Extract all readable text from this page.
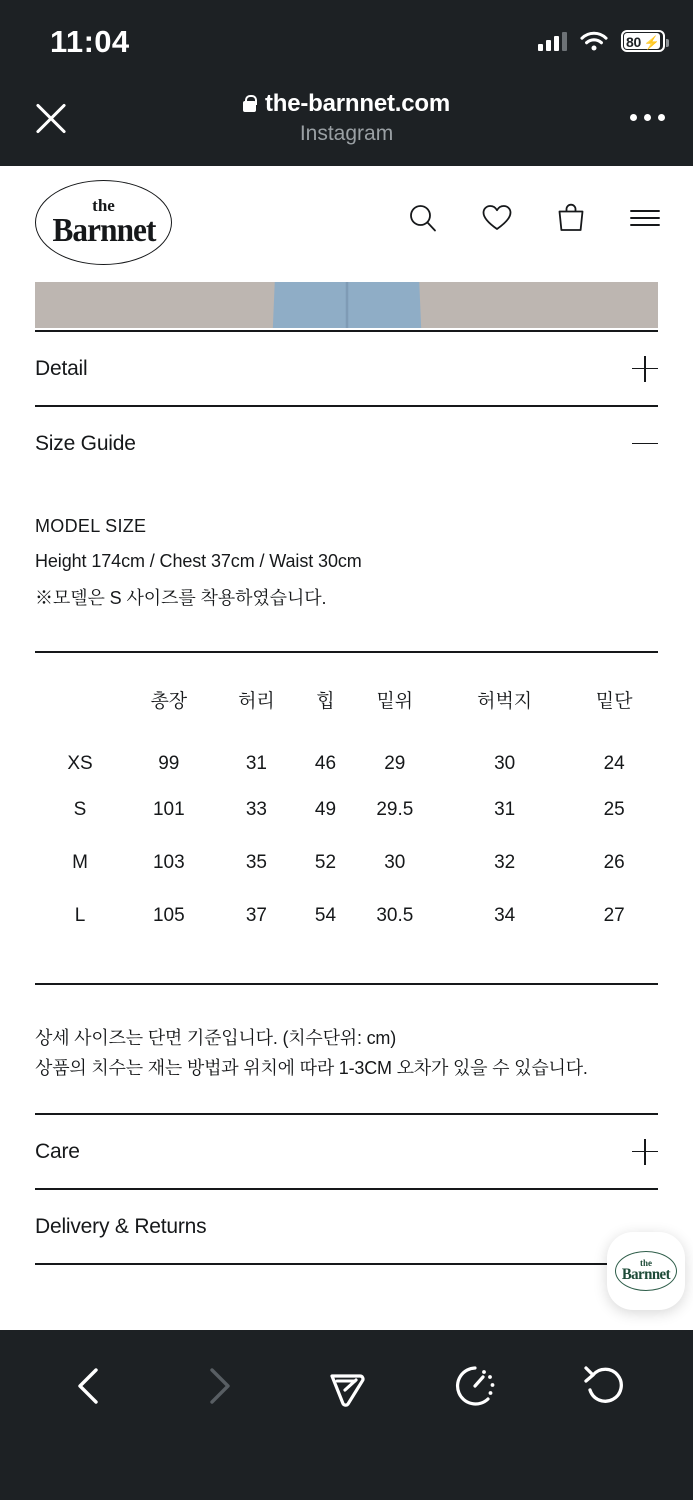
11:04	80 ⚡
the-barnnet.com
Instagram
the
Barnnet
Detail
Size Guide
MODEL SIZE
Height 174cm / Chest 37cm / Waist 30cm
※모델은 S 사이즈를 착용하였습니다.
	총장	허리	힙	밑위	허벅지	밑단
XS	99	31	46	29	30	24
S	101	33	49	29.5	31	25
M	103	35	52	30	32	26
L	105	37	54	30.5	34	27
상세 사이즈는 단면 기준입니다. (치수단위: cm)
상품의 치수는 재는 방법과 위치에 따라 1-3CM 오차가 있을 수 있습니다.
Care
Delivery & Returns
the
Barnnet
